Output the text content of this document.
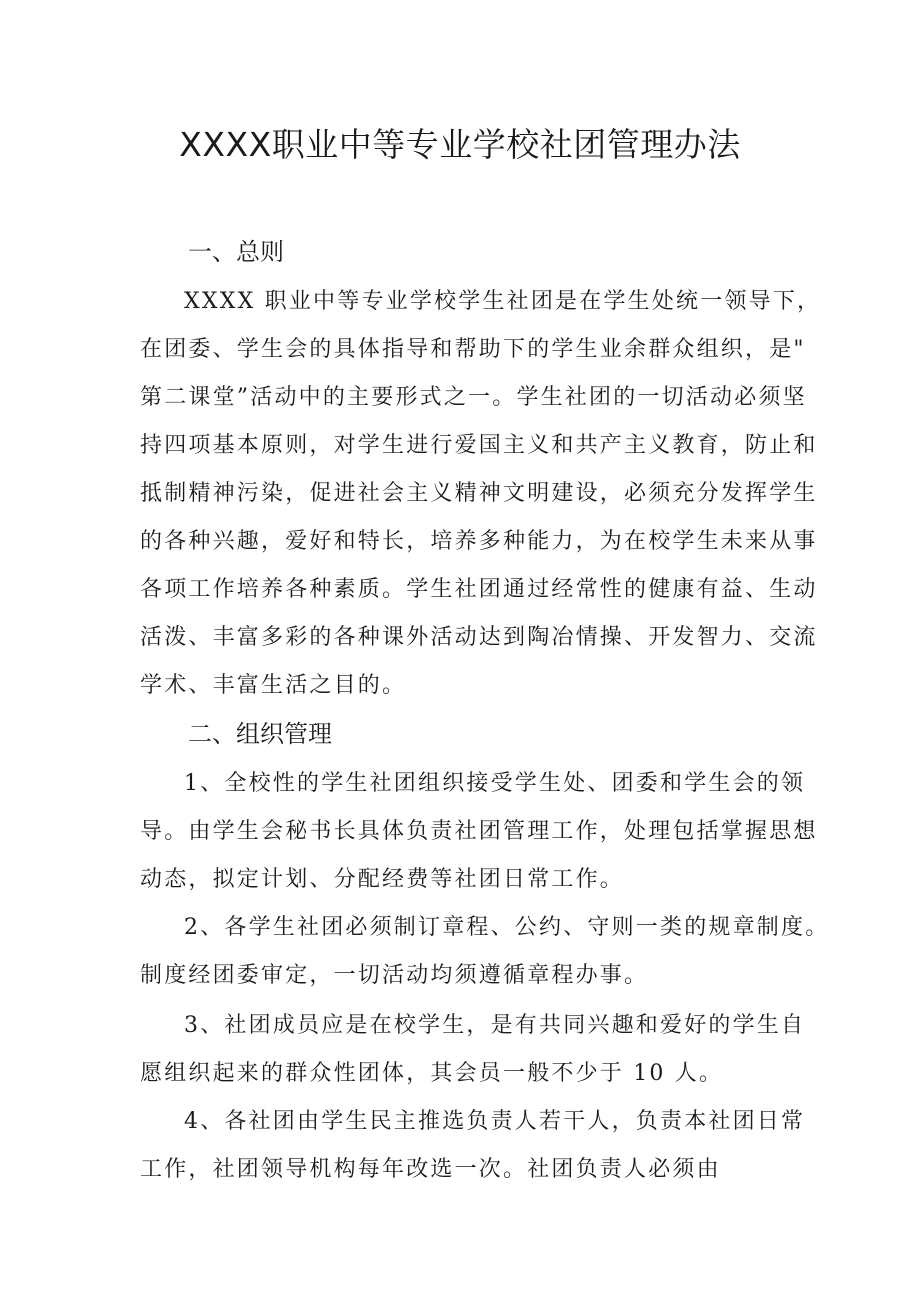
XXXX职业中等专业学校社团管理办法
一、总则

XXXX 职业中等专业学校学生社团是在学生处统一领导下，
在团委、学生会的具体指导和帮助下的学生业余群众组织，是"
第二课堂”活动中的主要形式之一。学生社团的一切活动必须坚
持四项基本原则，对学生进行爱国主义和共产主义教育，防止和
抵制精神污染，促进社会主义精神文明建设，必须充分发挥学生
的各种兴趣，爱好和特长，培养多种能力，为在校学生未来从事
各项工作培养各种素质。学生社团通过经常性的健康有益、生动
活泼、丰富多彩的各种课外活动达到陶冶情操、开发智力、交流
学术、丰富生活之目的。

二、组织管理

1、全校性的学生社团组织接受学生处、团委和学生会的领
导。由学生会秘书长具体负责社团管理工作，处理包括掌握思想
动态，拟定计划、分配经费等社团日常工作。

2、各学生社团必须制订章程、公约、守则一类的规章制度。
制度经团委审定，一切活动均须遵循章程办事。

3、社团成员应是在校学生，是有共同兴趣和爱好的学生自
愿组织起来的群众性团体，其会员一般不少于 10 人。

4、各社团由学生民主推选负责人若干人，负责本社团日常
工作，社团领导机构每年改选一次。社团负责人必须由
